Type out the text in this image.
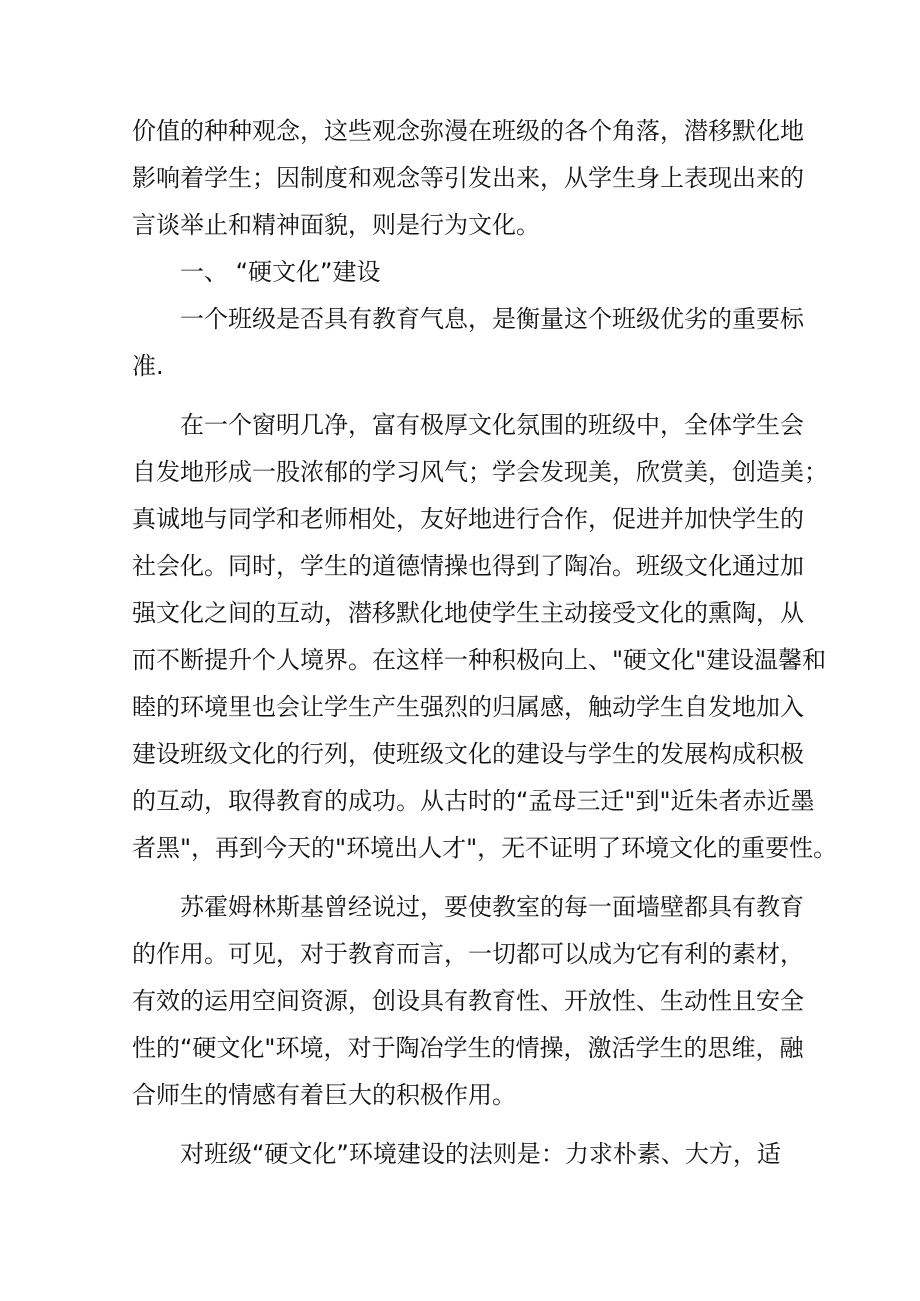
价值的种种观念，这些观念弥漫在班级的各个角落，潜移默化地
影响着学生；因制度和观念等引发出来，从学生身上表现出来的
言谈举止和精神面貌，则是行为文化。
一、 “硬文化”建设
一个班级是否具有教育气息，是衡量这个班级优劣的重要标
准.
在一个窗明几净，富有极厚文化氛围的班级中，全体学生会
自发地形成一股浓郁的学习风气；学会发现美，欣赏美，创造美；
真诚地与同学和老师相处，友好地进行合作，促进并加快学生的
社会化。同时，学生的道德情操也得到了陶冶。班级文化通过加
强文化之间的互动，潜移默化地使学生主动接受文化的熏陶，从
而不断提升个人境界。在这样一种积极向上、"硬文化"建设温馨和
睦的环境里也会让学生产生强烈的归属感，触动学生自发地加入
建设班级文化的行列，使班级文化的建设与学生的发展构成积极
的互动，取得教育的成功。从古时的“孟母三迁"到"近朱者赤近墨
者黑"，再到今天的"环境出人才"，无不证明了环境文化的重要性。
苏霍姆林斯基曾经说过，要使教室的每一面墙壁都具有教育
的作用。可见，对于教育而言，一切都可以成为它有利的素材，
有效的运用空间资源，创设具有教育性、开放性、生动性且安全
性的“硬文化"环境，对于陶冶学生的情操，激活学生的思维，融
合师生的情感有着巨大的积极作用。
对班级“硬文化”环境建设的法则是：力求朴素、大方，适
